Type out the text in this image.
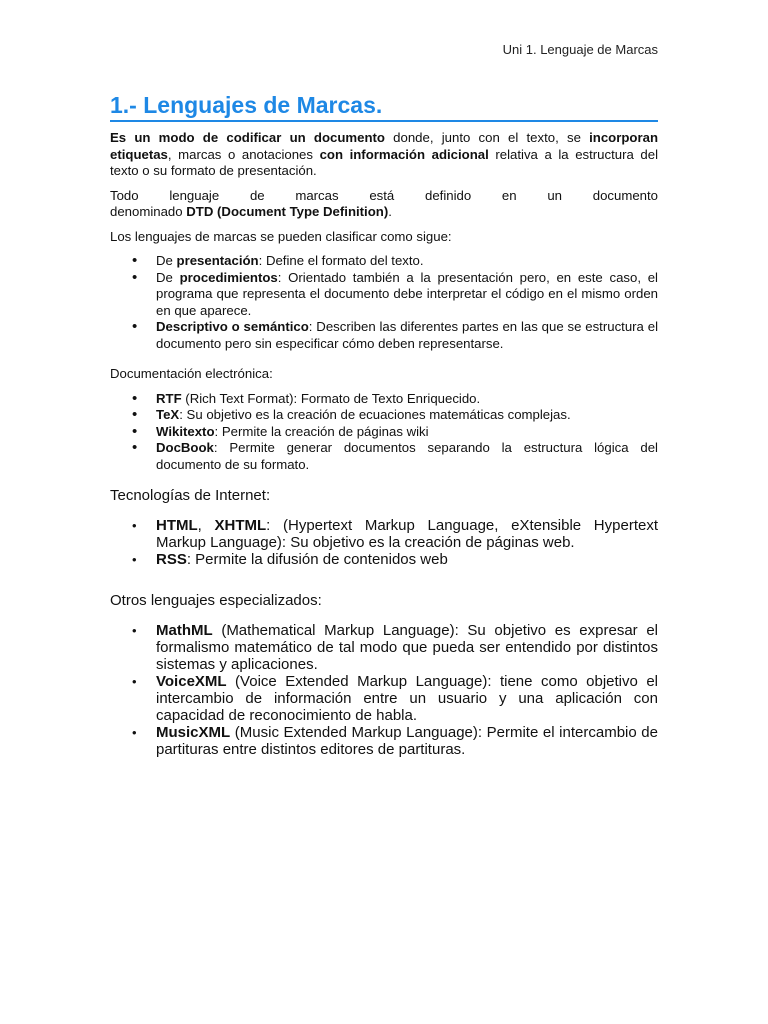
Uni 1. Lenguaje de Marcas
1.- Lenguajes de Marcas.

Es un modo de codificar un documento donde, junto con el texto, se incorporan etiquetas, marcas o anotaciones con información adicional relativa a la estructura del texto o su formato de presentación.

Todo lenguaje de marcas está definido en un documento
denominado DTD (Document Type Definition).

Los lenguajes de marcas se pueden clasificar como sigue:

• De presentación: Define el formato del texto.
• De procedimientos: Orientado también a la presentación pero, en este caso, el programa que representa el documento debe interpretar el código en el mismo orden en que aparece.
• Descriptivo o semántico: Describen las diferentes partes en las que se estructura el documento pero sin especificar cómo deben representarse.

Documentación electrónica:

• RTF (Rich Text Format): Formato de Texto Enriquecido.
• TeX: Su objetivo es la creación de ecuaciones matemáticas complejas.
• Wikitexto: Permite la creación de páginas wiki
• DocBook: Permite generar documentos separando la estructura lógica del documento de su formato.

Tecnologías de Internet:

• HTML, XHTML: (Hypertext Markup Language, eXtensible Hypertext Markup Language): Su objetivo es la creación de páginas web.
• RSS: Permite la difusión de contenidos web

Otros lenguajes especializados:

• MathML (Mathematical Markup Language): Su objetivo es expresar el formalismo matemático de tal modo que pueda ser entendido por distintos sistemas y aplicaciones.
• VoiceXML (Voice Extended Markup Language): tiene como objetivo el intercambio de información entre un usuario y una aplicación con capacidad de reconocimiento de habla.
• MusicXML (Music Extended Markup Language): Permite el intercambio de partituras entre distintos editores de partituras.
